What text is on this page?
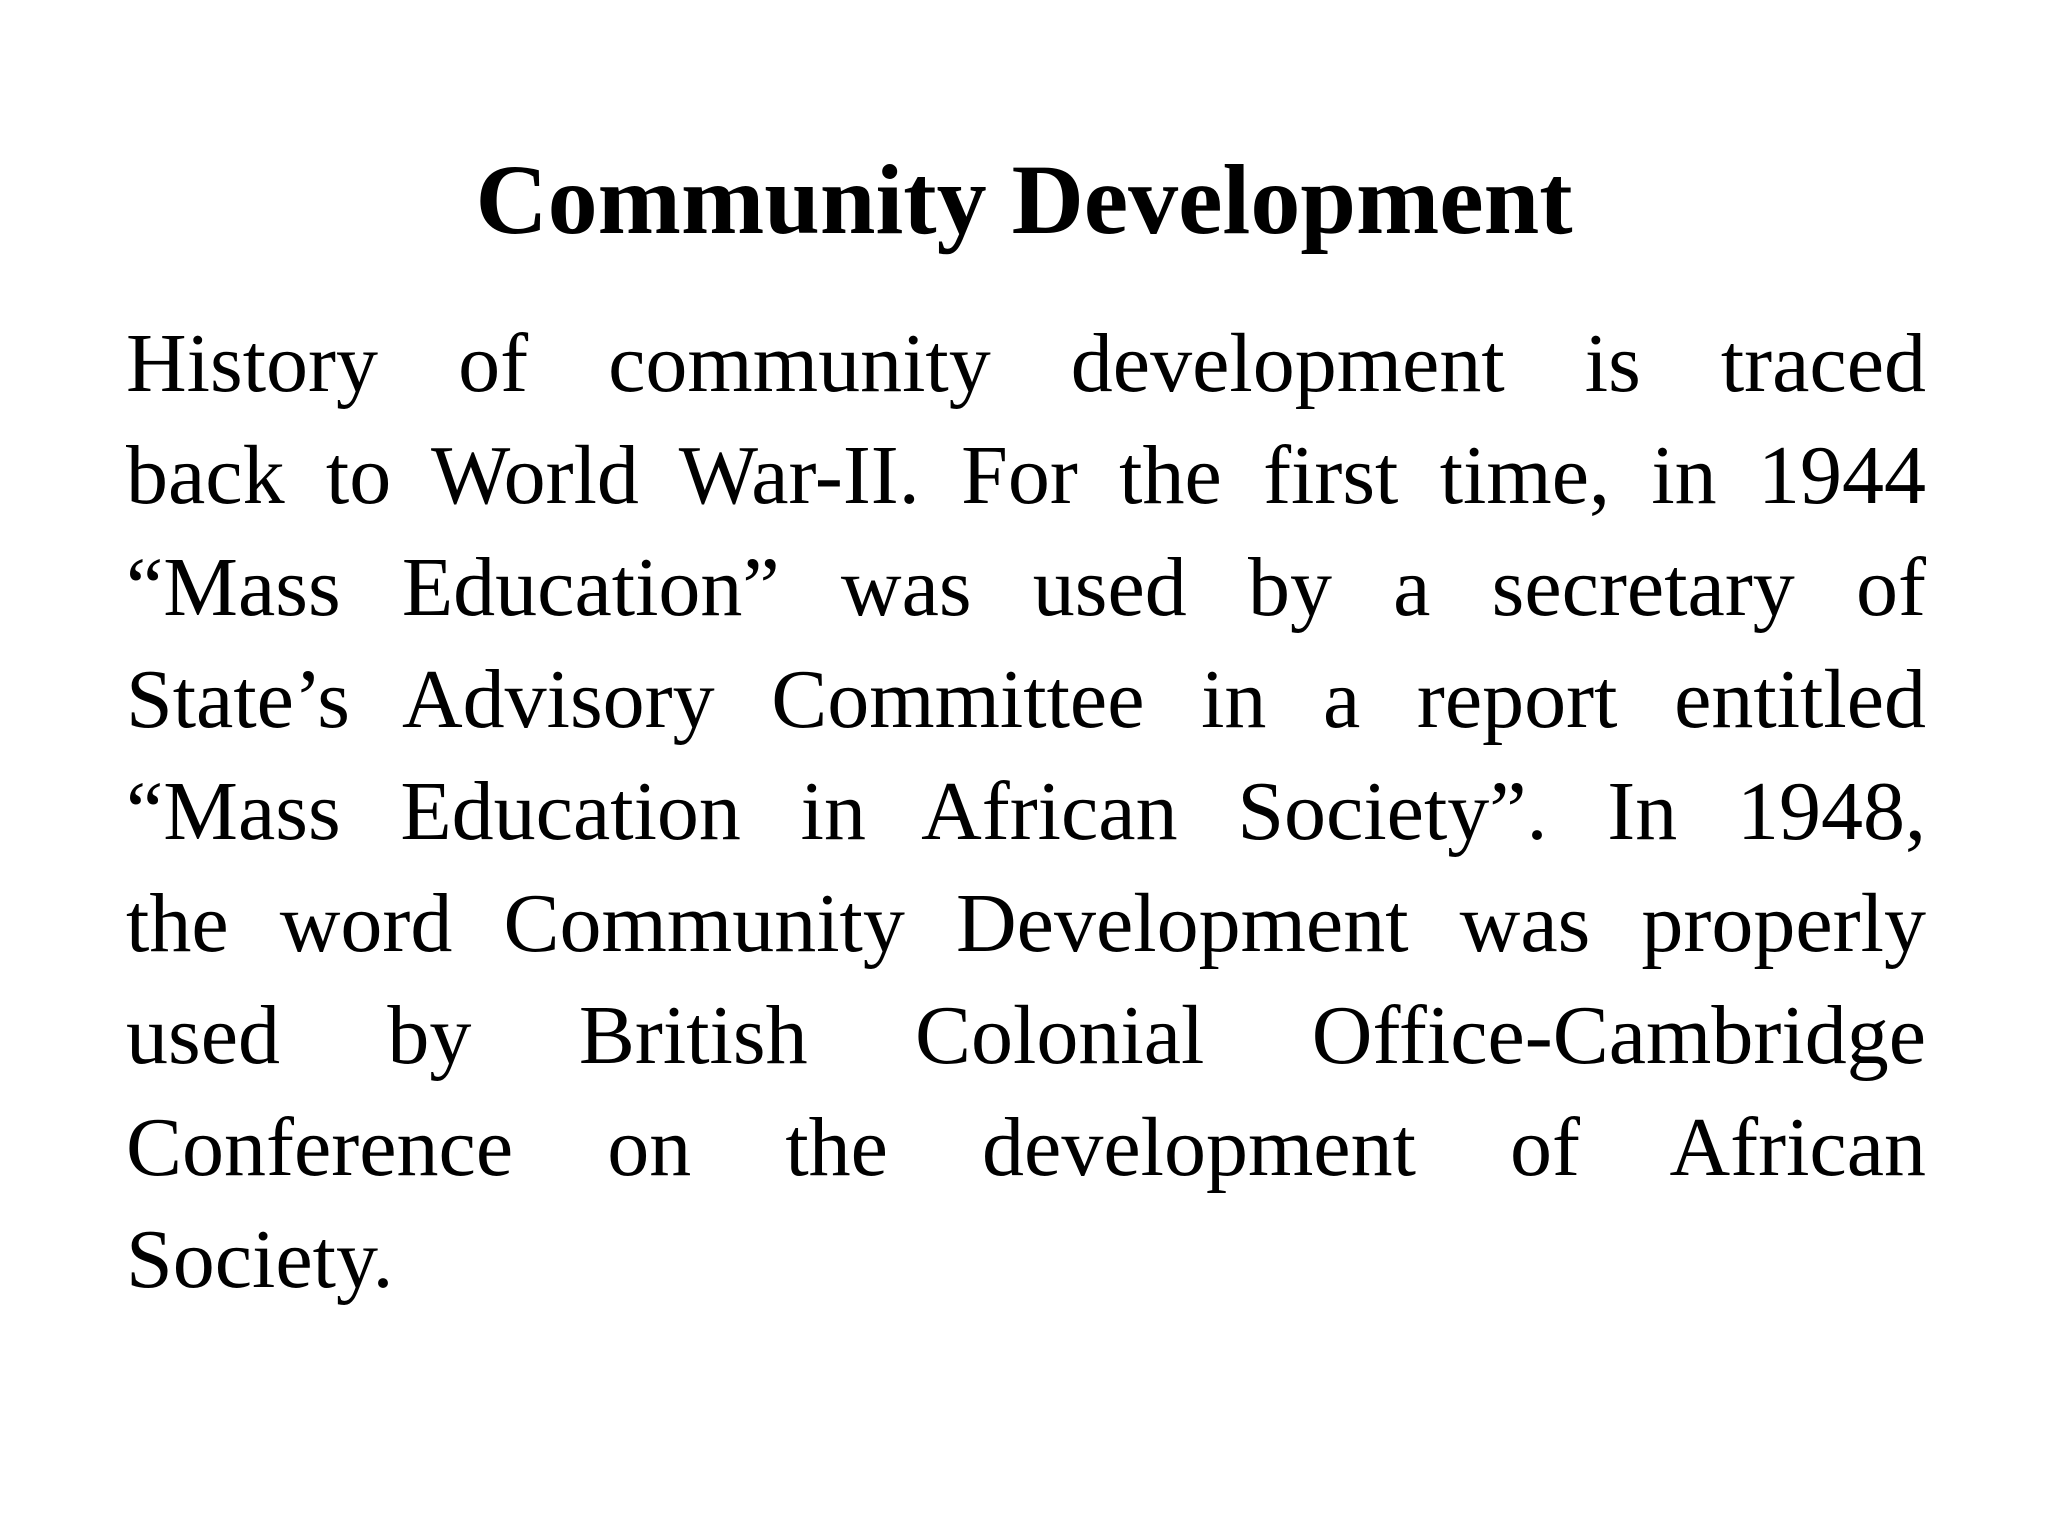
Community Development
History of community development is traced
back to World War-II. For the first time, in 1944
“Mass Education” was used by a secretary of
State’s Advisory Committee in a report entitled
“Mass Education in African Society”. In 1948,
the word Community Development was properly
used by British Colonial Office-Cambridge
Conference on the development of African
Society.
